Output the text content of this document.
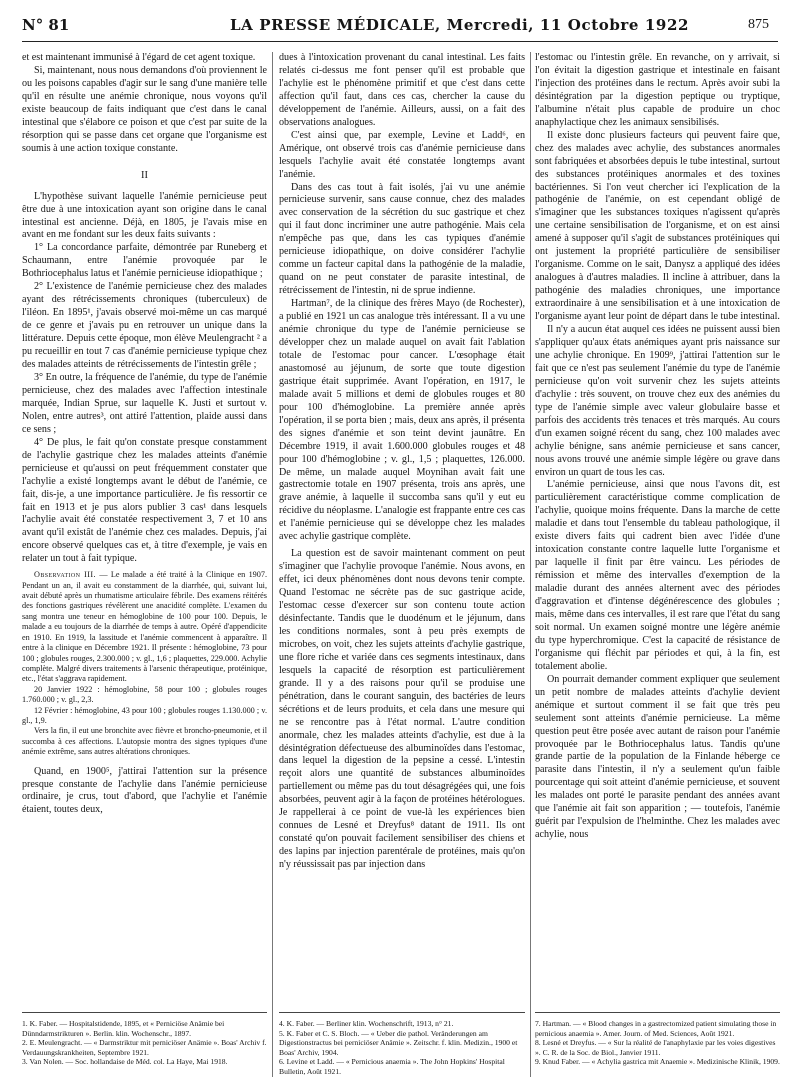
N° 81	LA PRESSE MÉDICALE, Mercredi, 11 Octobre 1922	875

et est maintenant immunisé à l'égard de cet agent toxique.

Si, maintenant, nous nous demandons d'où proviennent le ou les poisons capables d'agir sur le sang d'une manière telle qu'il en résulte une anémie chronique, nous voyons qu'il existe beaucoup de faits indiquant que c'est dans le canal intestinal que s'élabore ce poison et que c'est par suite de la résorption qui se passe dans cet organe que l'organisme est soumis à une action toxique constante.

II

L'hypothèse suivant laquelle l'anémie pernicieuse peut être due à une intoxication ayant son origine dans le canal intestinal est ancienne. Déjà, en 1805, je l'avais mise en avant en me fondant sur les deux faits suivants :

1° La concordance parfaite, démontrée par Runeberg et Schaumann, entre l'anémie provoquée par le Bothriocephalus latus et l'anémie pernicieuse idiopathique ;

2° L'existence de l'anémie pernicieuse chez des malades ayant des rétrécissements chroniques (tuberculeux) de l'iléon. En 1895¹, j'avais observé moi-même un cas marqué de ce genre et j'avais pu en retrouver un unique dans la littérature. Depuis cette époque, mon élève Meulengracht ² a pu recueillir en tout 7 cas d'anémie pernicieuse typique chez des malades atteints de rétrécissements de l'intestin grêle ;

3° En outre, la fréquence de l'anémie, du type de l'anémie pernicieuse, chez des malades avec l'affection intestinale marquée, Indian Sprue, sur laquelle K. Justi et surtout v. Nolen, entre autres³, ont attiré l'attention, plaide aussi dans ce sens ;

4° De plus, le fait qu'on constate presque constamment de l'achylie gastrique chez les malades atteints d'anémie pernicieuse et qu'aussi on peut fréquemment constater que l'achylie a existé longtemps avant le début de l'anémie, ce fait, dis-je, a une importance particulière. Je fis ressortir ce fait en 1913 et je pus alors publier 3 cas¹ dans lesquels l'achylie avait été constatée respectivement 3, 7 et 10 ans avant qu'il existât de l'anémie chez ces malades. Depuis, j'ai encore observé quelques cas et, à titre d'exemple, je vais en relater un tout à fait typique.

Observation III. — Le malade a été traité à la Clinique en 1907. Pendant un an, il avait eu constamment de la diarrhée, qui, suivant lui, avait débuté après un rhumatisme articulaire fébrile. Des examens réitérés des fonctions gastriques révélèrent une anacidité complète. L'examen du sang montra une teneur en hémoglobine de 100 pour 100. Depuis, le malade a eu toujours de la diarrhée de temps à autre. Opéré d'appendicite en 1910. En 1919, la lassitude et l'anémie commencent à apparaître. Il entre à la clinique en Décembre 1921. Il présente : hémoglobine, 73 pour 100 ; globules rouges, 2.300.000 ; v. gl., 1,6 ; plaquettes, 229.000. Achylie complète. Malgré divers traitements à l'arsenic thérapeutique, protéinique, etc., l'état s'aggrava rapidement.

20 Janvier 1922 : hémoglobine, 58 pour 100 ; globules rouges 1.760.000 ; v. gl., 2,3.

12 Février : hémoglobine, 43 pour 100 ; globules rouges 1.130.000 ; v. gl., 1,9.

Vers la fin, il eut une bronchite avec fièvre et broncho-pneumonie, et il succomba à ces affections. L'autopsie montra des signes typiques d'une anémie extrême, sans autres altérations chroniques.

Quand, en 1900⁵, j'attirai l'attention sur la présence presque constante de l'achylie dans l'anémie pernicieuse ordinaire, je crus, tout d'abord, que l'achylie et l'anémie étaient, toutes deux,

dues à l'intoxication provenant du canal intestinal. Les faits relatés ci-dessus me font penser qu'il est probable que l'achylie est le phénomène primitif et que c'est dans cette affection qu'il faut, dans ces cas, chercher la cause du développement de l'anémie. Ailleurs, aussi, on a fait des observations analogues.

C'est ainsi que, par exemple, Levine et Ladd⁶, en Amérique, ont observé trois cas d'anémie pernicieuse dans lesquels l'achylie avait été constatée longtemps avant l'anémie.

Dans des cas tout à fait isolés, j'ai vu une anémie pernicieuse survenir, sans cause connue, chez des malades avec conservation de la sécrétion du suc gastrique et chez qui il faut donc incriminer une autre pathogénie. Mais cela n'empêche pas que, dans les cas typiques d'anémie pernicieuse idiopathique, on doive considérer l'achylie comme un facteur capital dans la pathogénie de la maladie, quand on ne peut constater de parasite intestinal, de rétrécissement de l'intestin, ni de sprue indienne.

Hartman⁷, de la clinique des frères Mayo (de Rochester), a publié en 1921 un cas analogue très intéressant. Il a vu une anémie chronique du type de l'anémie pernicieuse se développer chez un malade auquel on avait fait l'ablation totale de l'estomac pour cancer. L'œsophage était anastomosé au jéjunum, de sorte que toute digestion gastrique était supprimée. Avant l'opération, en 1917, le malade avait 5 millions et demi de globules rouges et 80 pour 100 d'hémoglobine. La première année après l'opération, il se porta bien ; mais, deux ans après, il présenta des signes d'anémie et son teint devint jaunâtre. En Décembre 1919, il avait 1.600.000 globules rouges et 48 pour 100 d'hémoglobine ; v. gl., 1,5 ; plaquettes, 126.000. De même, un malade auquel Moynihan avait fait une gastrectomie totale en 1907 présenta, trois ans après, une grave anémie, à laquelle il succomba sans qu'il y eut eu récidive du néoplasme. L'analogie est frappante entre ces cas et l'anémie pernicieuse qui se développe chez les malades avec achylie gastrique complète.

La question est de savoir maintenant comment on peut s'imaginer que l'achylie provoque l'anémie. Nous avons, en effet, ici deux phénomènes dont nous devons tenir compte. Quand l'estomac ne sécrète pas de suc gastrique acide, l'estomac cesse d'exercer sur son contenu toute action désinfectante. Tandis que le duodénum et le jéjunum, dans les conditions normales, sont à peu près exempts de microbes, on voit, chez les sujets atteints d'achylie gastrique, une flore riche et variée dans ces segments intestinaux, dans lesquels la capacité de résorption est particulièrement grande. Il y a des raisons pour qu'il se produise une pénétration, dans le courant sanguin, des bactéries de leurs sécrétions et de leurs produits, et cela dans une mesure qui ne se rencontre pas à l'état normal. L'autre condition anormale, chez les malades atteints d'achylie, est due à la désintégration défectueuse des albuminoïdes dans l'estomac, dans lequel la digestion de la pepsine a cessé. L'intestin reçoit alors une quantité de substances albuminoïdes partiellement ou même pas du tout désagrégées qui, une fois absorbées, peuvent agir à la façon de protéines hétérologues. Je rappellerai à ce point de vue-là les expériences bien connues de Lesné et Dreyfus⁸ datant de 1911. Ils ont constaté qu'on pouvait facilement sensibiliser des chiens et des lapins par injection parentérale de protéines, mais qu'on n'y réussissait pas par injection dans

l'estomac ou l'intestin grêle. En revanche, on y arrivait, si l'on évitait la digestion gastrique et intestinale en faisant l'injection des protéines dans le rectum. Après avoir subi la désintégration par la digestion peptique ou tryptique, l'albumine n'était plus capable de produire un choc anaphylactique chez les animaux sensibilisés.

Il existe donc plusieurs facteurs qui peuvent faire que, chez des malades avec achylie, des substances anormales sont fabriquées et absorbées depuis le tube intestinal, surtout des substances protéiniques anormales et des toxines bactériennes. Si l'on veut chercher ici l'explication de la pathogénie de l'anémie, on est cependant obligé de s'imaginer que les substances toxiques n'agissent qu'après une certaine sensibilisation de l'organisme, et on est ainsi amené à supposer qu'il s'agit de substances protéiniques qui ont justement la propriété particulière de sensibiliser l'organisme. Comme on le sait, Danysz a appliqué des idées analogues à d'autres maladies. Il incline à attribuer, dans la pathogénie des maladies chroniques, une importance extraordinaire à une sensibilisation et à une intoxication de l'organisme ayant leur point de départ dans le tube intestinal.

Il n'y a aucun état auquel ces idées ne puissent aussi bien s'appliquer qu'aux états anémiques ayant pris naissance sur une achylie chronique. En 1909⁹, j'attirai l'attention sur le fait que ce n'est pas seulement l'anémie du type de l'anémie pernicieuse qu'on voit survenir chez les sujets atteints d'achylie : très souvent, on trouve chez eux des anémies du type de l'anémie simple avec valeur globulaire basse et parfois des accidents très tenaces et très marqués. Au cours d'un examen soigné récent du sang, chez 100 malades avec achylie bénigne, sans anémie pernicieuse et sans cancer, nous avons trouvé une anémie simple légère ou grave dans environ un quart de tous les cas.

L'anémie pernicieuse, ainsi que nous l'avons dit, est particulièrement caractéristique comme complication de l'achylie, quoique moins fréquente. Dans la marche de cette maladie et dans tout l'ensemble du tableau pathologique, il existe divers faits qui cadrent bien avec l'idée d'une intoxication constante contre laquelle lutte l'organisme et par laquelle il finit par être vaincu. Les périodes de rémission et même des intervalles d'exemption de la maladie durant des années alternent avec des périodes d'aggravation et d'intense dégénérescence des globules ; mais, même dans ces intervalles, il est rare que l'état du sang soit normal. Un examen soigné montre une légère anémie du type hyperchromique. C'est la capacité de résistance de l'organisme qui fléchit par périodes et qui, à la fin, est totalement abolie.

On pourrait demander comment expliquer que seulement un petit nombre de malades atteints d'achylie devient anémique et surtout comment il se fait que très peu seulement sont atteints d'anémie pernicieuse. La même question peut être posée avec autant de raison pour l'anémie provoquée par le Bothriocephalus latus. Tandis qu'une grande partie de la population de la Finlande héberge ce parasite dans l'intestin, il n'y a seulement qu'un faible pourcentage qui soit atteint d'anémie pernicieuse, et souvent les malades ont porté le parasite pendant des années avant que l'anémie ait fait son apparition ; — toutefois, l'anémie guérit par l'expulsion de l'helminthe. Chez les malades avec achylie, nous

1. K. Faber. — Hospitalstidende, 1895, et « Perniciöse Anämie bei Dünndarmstrikturen ». Berlin. klin. Wochenschr., 1897.

2. E. Meulengracht. — « Darmstriktur mit perniciöser Anämie ». Boas' Archiv f. Verdauungskrankheiten, Septembre 1921.

3. Van Nolen. — Soc. hollandaise de Méd. col. La Haye, Mai 1918.

4. K. Faber. — Berliner klin. Wochenschrift, 1913, n° 21.

5. K. Faber et C. S. Bloch. — « Ueber die pathol. Veränderungen am Digestionstractus bei perniciöser Anämie ». Zeitschr. f. klin. Medizin., 1900 et Boas' Archiv, 1904.

6. Levine et Ladd. — « Pernicious anaemia ». The John Hopkins' Hospital Bulletin, Août 1921.

7. Hartman. — « Blood changes in a gastrectomized patient simulating those in pernicious anaemia ». Amer. Journ. of Med. Sciences, Août 1921.

8. Lesné et Dreyfus. — « Sur la réalité de l'anaphylaxie par les voies digestives ». C. R. de la Soc. de Biol., Janvier 1911.

9. Knud Faber. — « Achylia gastrica mit Anaemie ». Medizinische Klinik, 1909.
